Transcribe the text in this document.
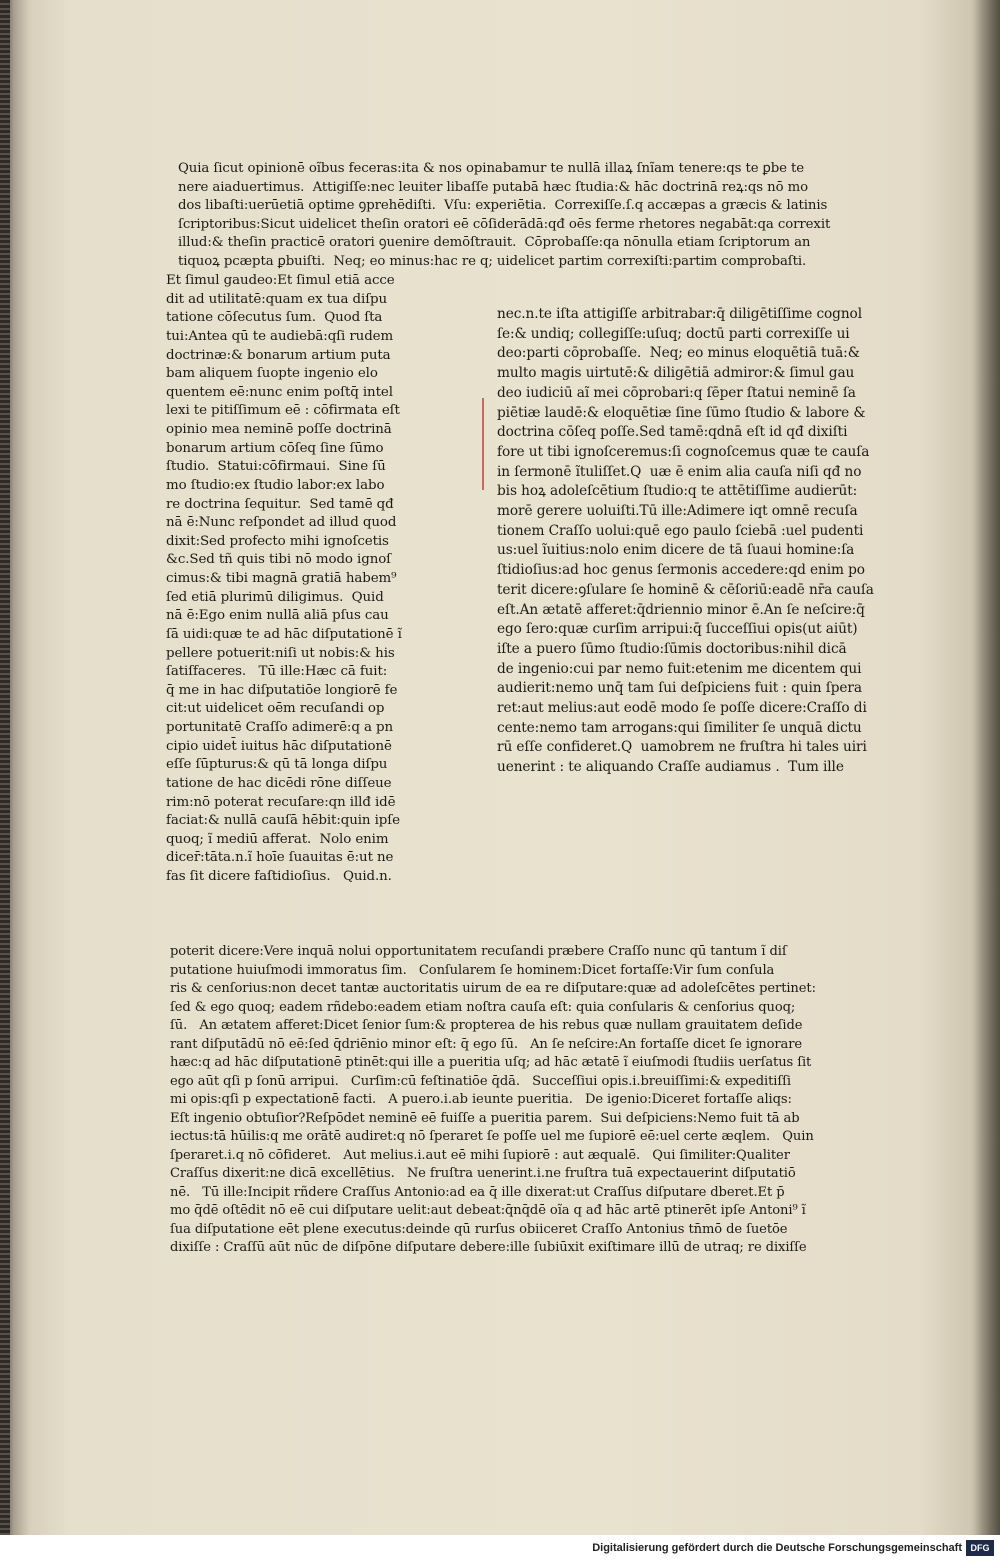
Quia ſicut opinionē oĩbus feceras:ita & nos opinabamur te nullā illaꝝ ſnĩam tenere:qs te ꝑbe te
nere aiaduertimus.  Attigiſſe:nec leuiter libaſſe putabā hæc ſtudia:& hāc doctrinā reꝝ:qs nō mo
dos libaſti:uerūetiā optime ꝯprehēdiſti.  Vſu: experiētia.  Correxiſſe.ſ.q accæpas a græcis & latinis
ſcriptoribus:Sicut uidelicet theſin oratori eē cōſiderādā:qđ oēs ferme rhetores negabāt:qa correxit
illud:& theſin practicē oratori ꝯuenire demōſtrauit.  Cōprobaſſe:qa nōnulla etiam ſcriptorum an
tiquoꝝ pcæpta ꝑbuiſti.  Neq; eo minus:hac re q; uidelicet partim correxiſti:partim comprobaſti.
Et ſimul gaudeo:Et ſimul etiā acce
dit ad utilitatē:quam ex tua diſpu
tatione cōſecutus ſum.  Quod ſta
tui:Antea qū te audiebā:qſi rudem
doctrinæ:& bonarum artium puta
bam aliquem ſuopte ingenio elo
quentem eē:nunc enim poſtq̄ intel
lexi te pitiſſimum eē : cōfirmata eſt
opinio mea neminē poſſe doctrinā
bonarum artium cōſeq ſine ſūmo
ſtudio.  Statui:cōfirmaui.  Sine ſū
mo ſtudio:ex ſtudio labor:ex labo
re doctrina ſequitur.  Sed tamē qđ
nā ē:Nunc reſpondet ad illud quod
dixit:Sed profecto mihi ignoſcetis
&c.Sed tñ quis tibi nō modo ignoſ
cimus:& tibi magnā gratiā habem⁹
ſed etiā plurimū diligimus.  Quid
nā ē:Ego enim nullā aliā pſus cau
ſā uidi:quæ te ad hāc diſputationē ĩ
pellere potuerit:niſi ut nobis:& his
ſatiſfaceres.   Tū ille:Hæc cā fuit:
q̄ me in hac diſputatiōe longiorē fe
cit:ut uidelicet oēm recuſandi op
portunitatē Craſſo adimerē:q a pn
cipio uidet̄ iuitus hāc diſputationē
eſſe ſūpturus:& qū tā longa diſpu
tatione de hac dicēdi rōne diſſeue
rim:nō poterat recuſare:qn illđ idē
faciat:& nullā cauſā hēbit:quin ipſe
quoq; ĩ mediū afferat.  Nolo enim
dicer̄:tāta.n.ĩ hoīe ſuauitas ē:ut ne
fas ſit dicere faſtidioſius.   Quid.n.
nec.n.te iſta attigiſſe arbitrabar:q̄ diligētiſſime cognol
ſe:& undiq; collegiſſe:uſuq; doctū parti correxiſſe ui
deo:parti cōprobaſſe.  Neq; eo minus eloquētiā tuā:&
multo magis uirtutē:& diligētiā admiror:& ſimul gau
deo iudiciū aĩ mei cōprobari:q ſēper ſtatui neminē ſa
piētiæ laudē:& eloquētiæ ſine ſūmo ſtudio & labore &
doctrina cōſeq poſſe.Sed tamē:qdnā eſt id qđ dixiſti
fore ut tibi ignoſceremus:ſi cognoſcemus quæ te cauſa
in ſermonē ĩtuliſſet.Q  uæ ē enim alia cauſa niſi qđ no
bis hoꝝ adoleſcētium ſtudio:q te attētiſſime audierūt:
morē gerere uoluiſti.Tū ille:Adimere iqt omnē recuſa
tionem Craſſo uolui:quē ego paulo ſciebā :uel pudenti
us:uel ĩuitius:nolo enim dicere de tā ſuaui homine:ſa
ſtidioſius:ad hoc genus ſermonis accedere:qd enim po
terit dicere:ꝯſulare ſe hominē & cēſoriū:eadē nr̄a cauſa
eſt.An ætatē afferet:q̄driennio minor ē.An ſe neſcire:q̄
ego ſero:quæ curſim arripui:q̄ ſucceſſiui opis(ut aiūt)
iſte a puero ſūmo ſtudio:ſūmis doctoribus:nihil dicā
de ingenio:cui par nemo fuit:etenim me dicentem qui
audierit:nemo unq̄ tam ſui deſpiciens fuit : quin ſpera
ret:aut melius:aut eodē modo ſe poſſe dicere:Craſſo di
cente:nemo tam arrogans:qui ſimiliter ſe unquā dictu
rū eſſe confideret.Q  uamobrem ne fruſtra hi tales uiri
uenerint : te aliquando Craſſe audiamus .  Tum ille
poterit dicere:Vere inquā nolui opportunitatem recuſandi præbere Craſſo nunc qū tantum ĩ diſ
putatione huiuſmodi immoratus ſim.   Conſularem ſe hominem:Dicet fortaſſe:Vir ſum conſula
ris & cenſorius:non decet tantæ auctoritatis uirum de ea re diſputare:quæ ad adoleſcētes pertinet:
ſed & ego quoq; eadem rñdebo:eadem etiam noſtra cauſa eſt: quia conſularis & cenſorius quoq;
ſū.   An ætatem afferet:Dicet ſenior ſum:& propterea de his rebus quæ nullam grauitatem deſide
rant diſputādū nō eē:ſed q̄driēnio minor eſt: q̄ ego ſū.   An ſe neſcire:An fortaſſe dicet ſe ignorare
hæc:q ad hāc diſputationē ptinēt:qui ille a pueritia uſq; ad hāc ætatē ĩ eiuſmodi ſtudiis uerſatus ſit
ego aūt qſi p ſonū arripui.   Curſim:cū feſtinatiōe q̄dā.   Succeſſiui opis.i.breuiſſimi:& expeditiſſi
mi opis:qſi p expectationē facti.   A puero.i.ab ieunte pueritia.   De igenio:Diceret fortaſſe aliqs:
Eſt ingenio obtuſior?Reſpōdet neminē eē fuiſſe a pueritia parem.  Sui deſpiciens:Nemo fuit tā ab
iectus:tā hūilis:q me orātē audiret:q nō ſperaret ſe poſſe uel me ſupiorē eē:uel certe æqlem.   Quin
ſperaret.i.q nō cōfideret.   Aut melius.i.aut eē mihi ſupiorē : aut æqualē.   Qui ſimiliter:Qualiter
Craſſus dixerit:ne dicā excellētius.   Ne fruſtra uenerint.i.ne fruſtra tuā expectauerint diſputatiō
nē.   Tū ille:Incipit rñdere Craſſus Antonio:ad ea q̄ ille dixerat:ut Craſſus diſputare dberet.Et p̄
mo q̄dē oſtēdit nō eē cui diſputare uelit:aut debeat:q̄nq̄dē oĩa q ađ hāc artē ptinerēt ipſe Antoni⁹ ĩ
ſua diſputatione eēt plene executus:deinde qū rurſus obiiceret Craſſo Antonius tn̄mō de ſuetōe
dixiſſe : Craſſū aūt nūc de diſpōne diſputare debere:ille ſubiūxit exiſtimare illū de utraq; re dixiſſe
Digitalisierung gefördert durch die Deutsche Forschungsgemeinschaft DFG
